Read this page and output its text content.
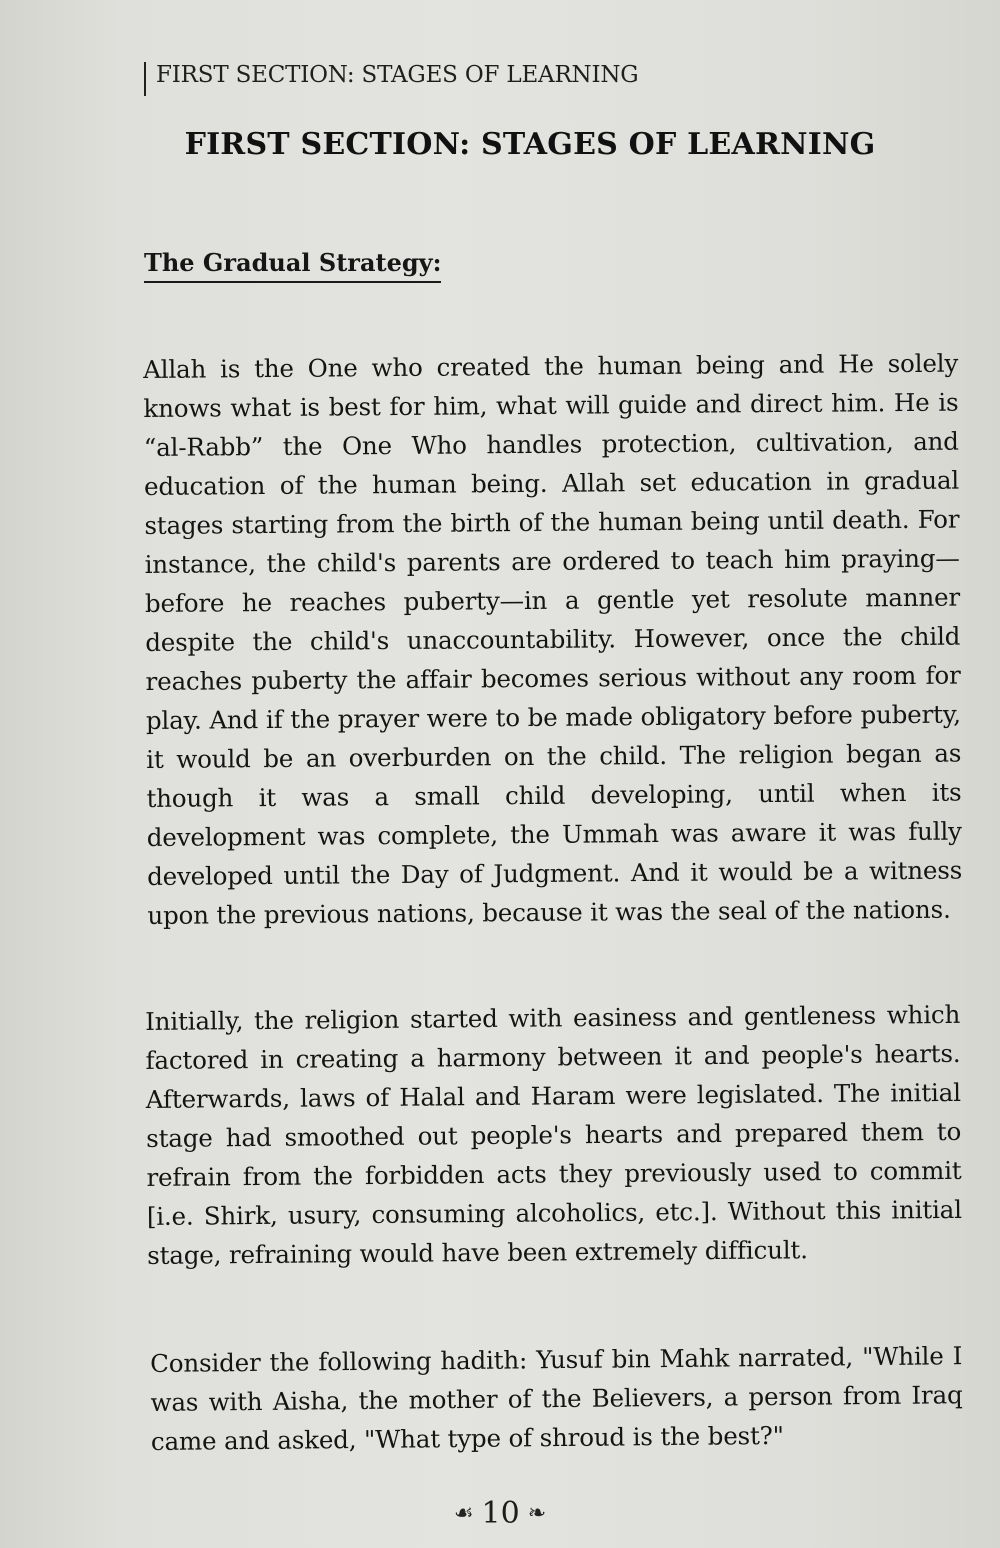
FIRST SECTION: STAGES OF LEARNING
FIRST SECTION: STAGES OF LEARNING
The Gradual Strategy:

Allah is the One who created the human being and He solely knows what is best for him, what will guide and direct him. He is “al-Rabb” the One Who handles protection, cultivation, and education of the human being. Allah set education in gradual stages starting from the birth of the human being until death. For instance, the child's parents are ordered to teach him praying—before he reaches puberty—in a gentle yet resolute manner despite the child's unaccountability. However, once the child reaches puberty the affair becomes serious without any room for play. And if the prayer were to be made obligatory before puberty, it would be an overburden on the child. The religion began as though it was a small child developing, until when its development was complete, the Ummah was aware it was fully developed until the Day of Judgment. And it would be a witness upon the previous nations, because it was the seal of the nations.

Initially, the religion started with easiness and gentleness which factored in creating a harmony between it and people's hearts. Afterwards, laws of Halal and Haram were legislated. The initial stage had smoothed out people's hearts and prepared them to refrain from the forbidden acts they previously used to commit [i.e. Shirk, usury, consuming alcoholics, etc.]. Without this initial stage, refraining would have been extremely difficult.

Consider the following hadith: Yusuf bin Mahk narrated, "While I was with Aisha, the mother of the Believers, a person from Iraq came and asked, "What type of shroud is the best?"

☙ 10 ❧
